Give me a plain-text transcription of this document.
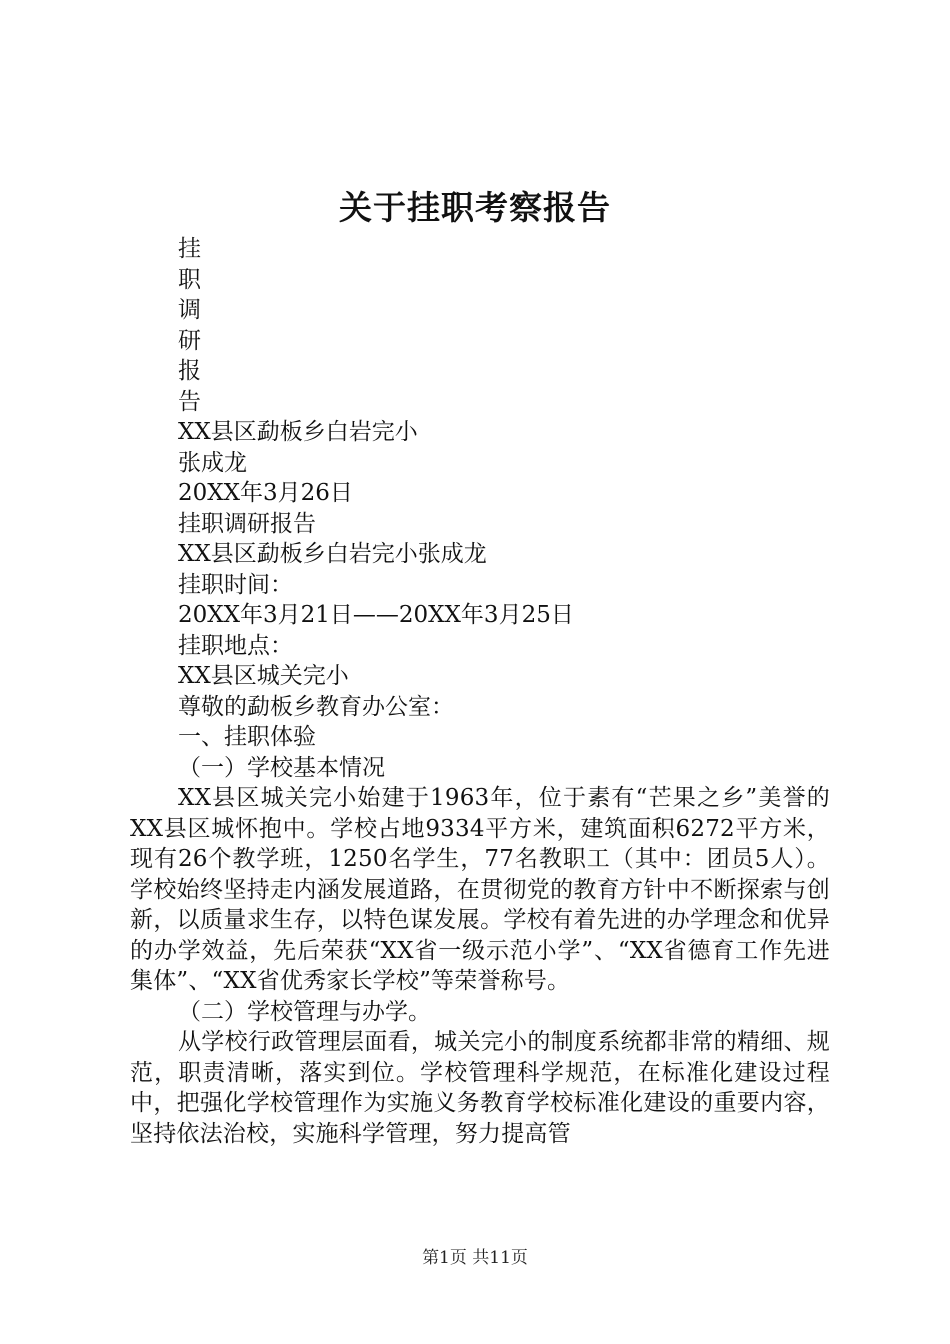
关于挂职考察报告

挂

职

调

研

报

告

XX县区勐板乡白岩完小

张成龙

20XX年3月26日

挂职调研报告

XX县区勐板乡白岩完小张成龙

挂职时间：

20XX年3月21日——20XX年3月25日

挂职地点：

XX县区城关完小

尊敬的勐板乡教育办公室：

一、挂职体验

（一）学校基本情况

XX县区城关完小始建于1963年，位于素有“芒果之乡”美誉的XX县区城怀抱中。学校占地9334平方米，建筑面积6272平方米，现有26个教学班，1250名学生，77名教职工（其中：团员5人）。学校始终坚持走内涵发展道路，在贯彻党的教育方针中不断探索与创新，以质量求生存，以特色谋发展。学校有着先进的办学理念和优异的办学效益，先后荣获“XX省一级示范小学”、“XX省德育工作先进集体”、“XX省优秀家长学校”等荣誉称号。

（二）学校管理与办学。

从学校行政管理层面看，城关完小的制度系统都非常的精细、规范，职责清晰，落实到位。学校管理科学规范，在标准化建设过程中，把强化学校管理作为实施义务教育学校标准化建设的重要内容，坚持依法治校，实施科学管理，努力提高管

第1页 共11页
